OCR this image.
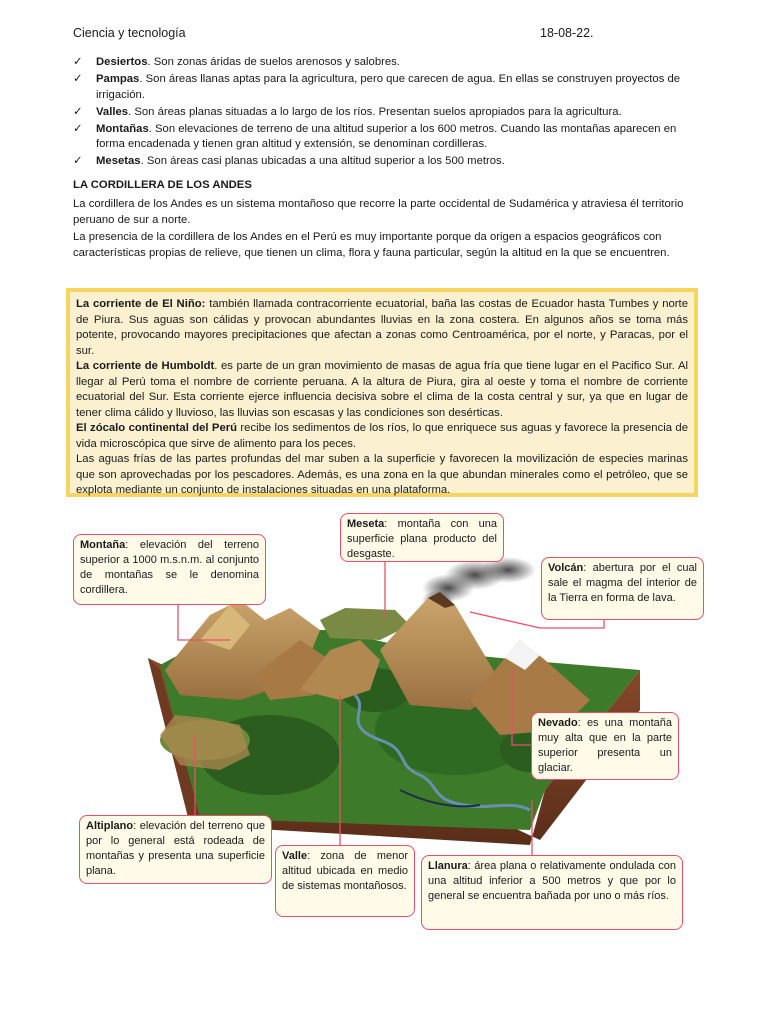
Ciencia y tecnología	18-08-22.
✓ Desiertos. Son zonas áridas de suelos arenosos y salobres.
✓ Pampas. Son áreas llanas aptas para la agricultura, pero que carecen de agua. En ellas se construyen proyectos de irrigación.
✓ Valles. Son áreas planas situadas a lo largo de los ríos. Presentan suelos apropiados para la agricultura.
✓ Montañas. Son elevaciones de terreno de una altitud superior a los 600 metros. Cuando las montañas aparecen en forma encadenada y tienen gran altitud y extensión, se denominan cordilleras.
✓ Mesetas. Son áreas casi planas ubicadas a una altitud superior a los 500 metros.
LA CORDILLERA DE LOS ANDES

La cordillera de los Andes es un sistema montañoso que recorre la parte occidental de Sudamérica y atraviesa él territorio peruano de sur a norte.

La presencia de la cordillera de los Andes en el Perú es muy importante porque da origen a espacios geográficos con características propias de relieve, que tienen un clima, flora y fauna particular, según la altitud en la que se encuentren.

La corriente de El Niño: también llamada contracorriente ecuatorial, baña las costas de Ecuador hasta Tumbes y norte de Piura. Sus aguas son cálidas y provocan abundantes lluvias en la zona costera. En algunos años se toma más potente, provocando mayores precipitaciones que afectan a zonas como Centroamérica, por el norte, y Paracas, por el sur.

La corriente de Humboldt. es parte de un gran movimiento de masas de agua fría que tiene lugar en el Pacifico Sur. Al llegar al Perú toma el nombre de corriente peruana. A la altura de Piura, gira al oeste y toma el nombre de corriente ecuatorial del Sur. Esta corriente ejerce influencia decisiva sobre el clima de la costa central y sur, ya que en lugar de tener clima cálido y lluvioso, las lluvias son escasas y las condiciones son desérticas.

El zócalo continental del Perú recibe los sedimentos de los ríos, lo que enriquece sus aguas y favorece la presencia de vida microscópica que sirve de alimento para los peces.

Las aguas frías de las partes profundas del mar suben a la superficie y favorecen la movilización de especies marinas que son aprovechadas por los pescadores. Además, es una zona en la que abundan minerales como el petróleo, que se explota mediante un conjunto de instalaciones situadas en una plataforma.

Montaña: elevación del terreno superior a 1000 m.s.n.m. al conjunto de montañas se le denomina cordillera.
Meseta: montaña con una superficie plana producto del desgaste.
Volcán: abertura por el cual sale el magma del interior de la Tierra en forma de lava.
Nevado: es una montaña muy alta que en la parte superior presenta un glaciar.
Altiplano: elevación del terreno que por lo general está rodeada de montañas y presenta una superficie plana.
Valle: zona de menor altitud ubicada en medio de sistemas montañosos.
Llanura: área plana o relativamente ondulada con una altitud inferior a 500 metros y que por lo general se encuentra bañada por uno o más ríos.
